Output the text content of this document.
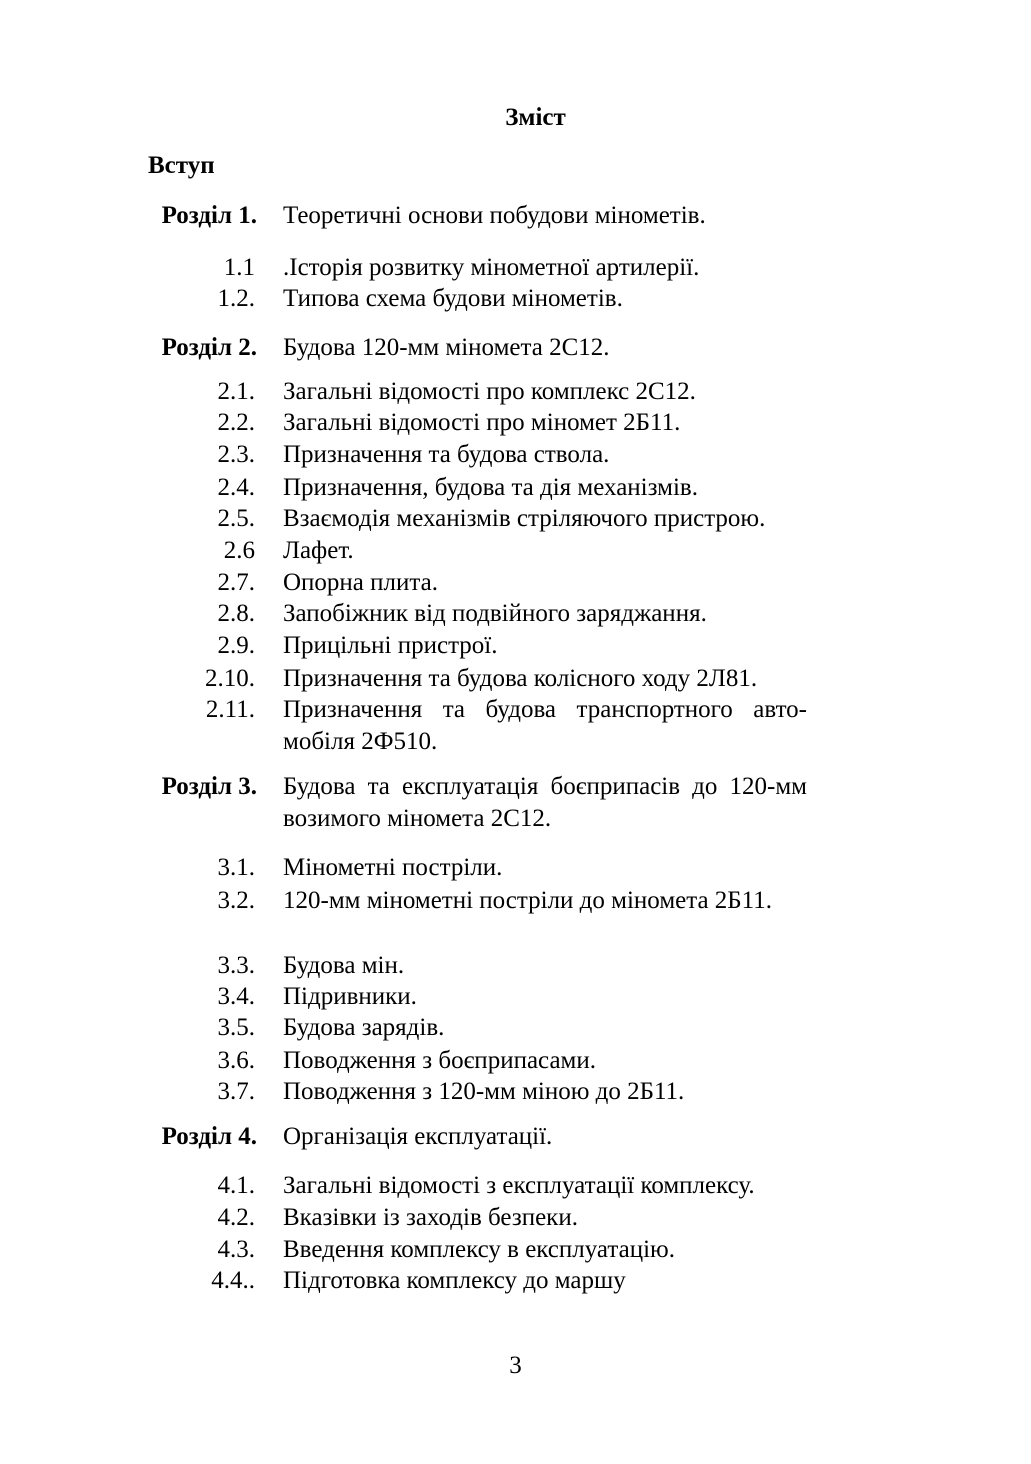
Зміст
Вступ
Розділ 1. Теоретичні основи побудови мінометів.
1.1 .Історія розвитку мінометної артилерії.
1.2. Типова схема будови мінометів.
Розділ 2. Будова 120-мм міномета 2С12.
2.1. Загальні відомості про комплекс 2С12.
2.2. Загальні відомості про міномет 2Б11.
2.3. Призначення та будова ствола.
2.4. Призначення, будова та дія механізмів.
2.5. Взаємодія механізмів стріляючого пристрою.
2.6 Лафет.
2.7. Опорна плита.
2.8. Запобіжник від подвійного заряджання.
2.9. Прицільні пристрої.
2.10. Призначення та будова колісного ходу 2Л81.
2.11. Призначення та будова транспортного авто-мобіля 2Ф510.
Розділ 3. Будова та експлуатація боєприпасів до 120-мм возимого міномета 2С12.
3.1. Мінометні постріли.
3.2. 120-мм мінометні постріли до міномета 2Б11.
3.3. Будова мін.
3.4. Підривники.
3.5. Будова зарядів.
3.6. Поводження з боєприпасами.
3.7. Поводження з 120-мм міною до 2Б11.
Розділ 4. Організація експлуатації.
4.1. Загальні відомості з експлуатації комплексу.
4.2. Вказівки із заходів безпеки.
4.3. Введення комплексу в експлуатацію.
4.4.. Підготовка комплексу до маршу
3
